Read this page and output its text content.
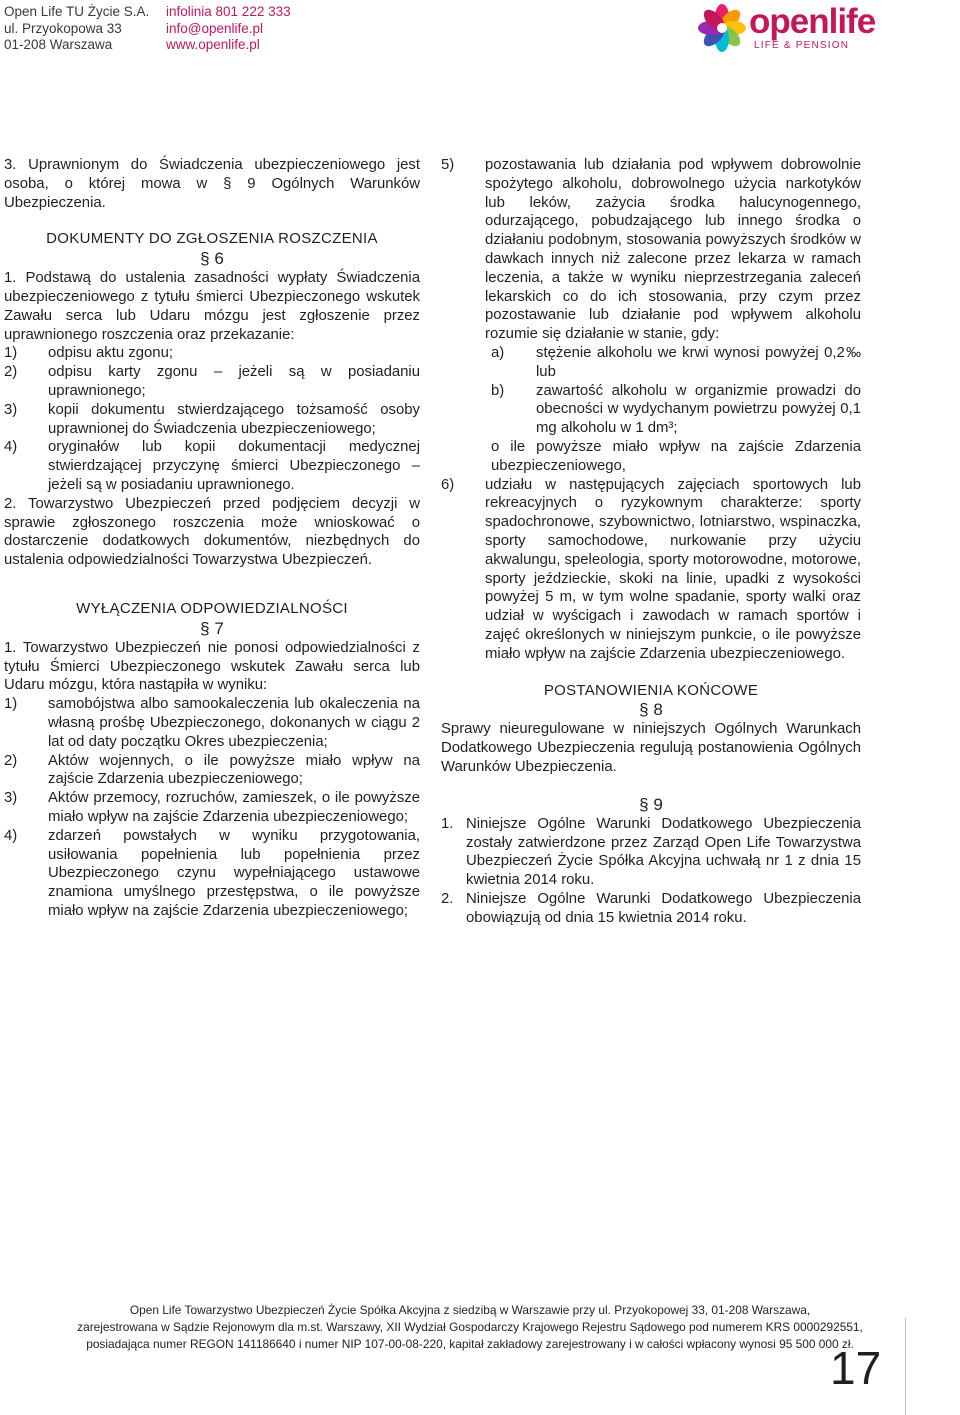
Open Life TU Życie S.A.
ul. Przyokopowa 33
01-208 Warszawa
infolinia 801 222 333
info@openlife.pl
www.openlife.pl
openlife
LIFE & PENSION

3. Uprawnionym do Świadczenia ubezpieczeniowego jest osoba, o której mowa w § 9 Ogólnych Warunków Ubezpieczenia.

DOKUMENTY DO ZGŁOSZENIA ROSZCZENIA

§ 6

1. Podstawą do ustalenia zasadności wypłaty Świadczenia ubezpieczeniowego z tytułu śmierci Ubezpieczonego wskutek Zawału serca lub Udaru mózgu jest zgłoszenie przez uprawnionego roszczenia oraz przekazanie:

1) odpisu aktu zgonu;
2) odpisu karty zgonu – jeżeli są w posiadaniu uprawnionego;
3) kopii dokumentu stwierdzającego tożsamość osoby uprawnionej do Świadczenia ubezpieczeniowego;
4) oryginałów lub kopii dokumentacji medycznej stwierdzającej przyczynę śmierci Ubezpieczonego – jeżeli są w posiadaniu uprawnionego.

2. Towarzystwo Ubezpieczeń przed podjęciem decyzji w sprawie zgłoszonego roszczenia może wnioskować o dostarczenie dodatkowych dokumentów, niezbędnych do ustalenia odpowiedzialności Towarzystwa Ubezpieczeń.

WYŁĄCZENIA ODPOWIEDZIALNOŚCI

§ 7

1. Towarzystwo Ubezpieczeń nie ponosi odpowiedzialności z tytułu Śmierci Ubezpieczonego wskutek Zawału serca lub Udaru mózgu, która nastąpiła w wyniku:

1) samobójstwa albo samookaleczenia lub okaleczenia na własną prośbę Ubezpieczonego, dokonanych w ciągu 2 lat od daty początku Okres ubezpieczenia;
2) Aktów wojennych, o ile powyższe miało wpływ na zajście Zdarzenia ubezpieczeniowego;
3) Aktów przemocy, rozruchów, zamieszek, o ile powyższe miało wpływ na zajście Zdarzenia ubezpieczeniowego;
4) zdarzeń powstałych w wyniku przygotowania, usiłowania popełnienia lub popełnienia przez Ubezpieczonego czynu wypełniającego ustawowe znamiona umyślnego przestępstwa, o ile powyższe miało wpływ na zajście Zdarzenia ubezpieczeniowego;
5) pozostawania lub działania pod wpływem dobrowolnie spożytego alkoholu, dobrowolnego użycia narkotyków lub leków, zażycia środka halucynogennego, odurzającego, pobudzającego lub innego środka o działaniu podobnym, stosowania powyższych środków w dawkach innych niż zalecone przez lekarza w ramach leczenia, a także w wyniku nieprzestrzegania zaleceń lekarskich co do ich stosowania, przy czym przez pozostawanie lub działanie pod wpływem alkoholu rozumie się działanie w stanie, gdy:
a) stężenie alkoholu we krwi wynosi powyżej 0,2‰ lub
b) zawartość alkoholu w organizmie prowadzi do obecności w wydychanym powietrzu powyżej 0,1 mg alkoholu w 1 dm³;

o ile powyższe miało wpływ na zajście Zdarzenia ubezpieczeniowego,

6) udziału w następujących zajęciach sportowych lub rekreacyjnych o ryzykownym charakterze: sporty spadochronowe, szybownictwo, lotniarstwo, wspinaczka, sporty samochodowe, nurkowanie przy użyciu akwalungu, speleologia, sporty motorowodne, motorowe, sporty jeździeckie, skoki na linie, upadki z wysokości powyżej 5 m, w tym wolne spadanie, sporty walki oraz udział w wyścigach i zawodach w ramach sportów i zajęć określonych w niniejszym punkcie, o ile powyższe miało wpływ na zajście Zdarzenia ubezpieczeniowego.

POSTANOWIENIA KOŃCOWE

§ 8

Sprawy nieuregulowane w niniejszych Ogólnych Warunkach Dodatkowego Ubezpieczenia regulują postanowienia Ogólnych Warunków Ubezpieczenia.

§ 9

1. Niniejsze Ogólne Warunki Dodatkowego Ubezpieczenia zostały zatwierdzone przez Zarząd Open Life Towarzystwa Ubezpieczeń Życie Spółka Akcyjna uchwałą nr 1 z dnia 15 kwietnia 2014 roku.
2. Niniejsze Ogólne Warunki Dodatkowego Ubezpieczenia obowiązują od dnia 15 kwietnia 2014 roku.
Open Life Towarzystwo Ubezpieczeń Życie Spółka Akcyjna z siedzibą w Warszawie przy ul. Przyokopowej 33, 01-208 Warszawa,
zarejestrowana w Sądzie Rejonowym dla m.st. Warszawy, XII Wydział Gospodarczy Krajowego Rejestru Sądowego pod numerem KRS 0000292551,
posiadająca numer REGON 141186640 i numer NIP 107-00-08-220, kapitał zakładowy zarejestrowany i w całości wpłacony wynosi 95 500 000 zł.
17
